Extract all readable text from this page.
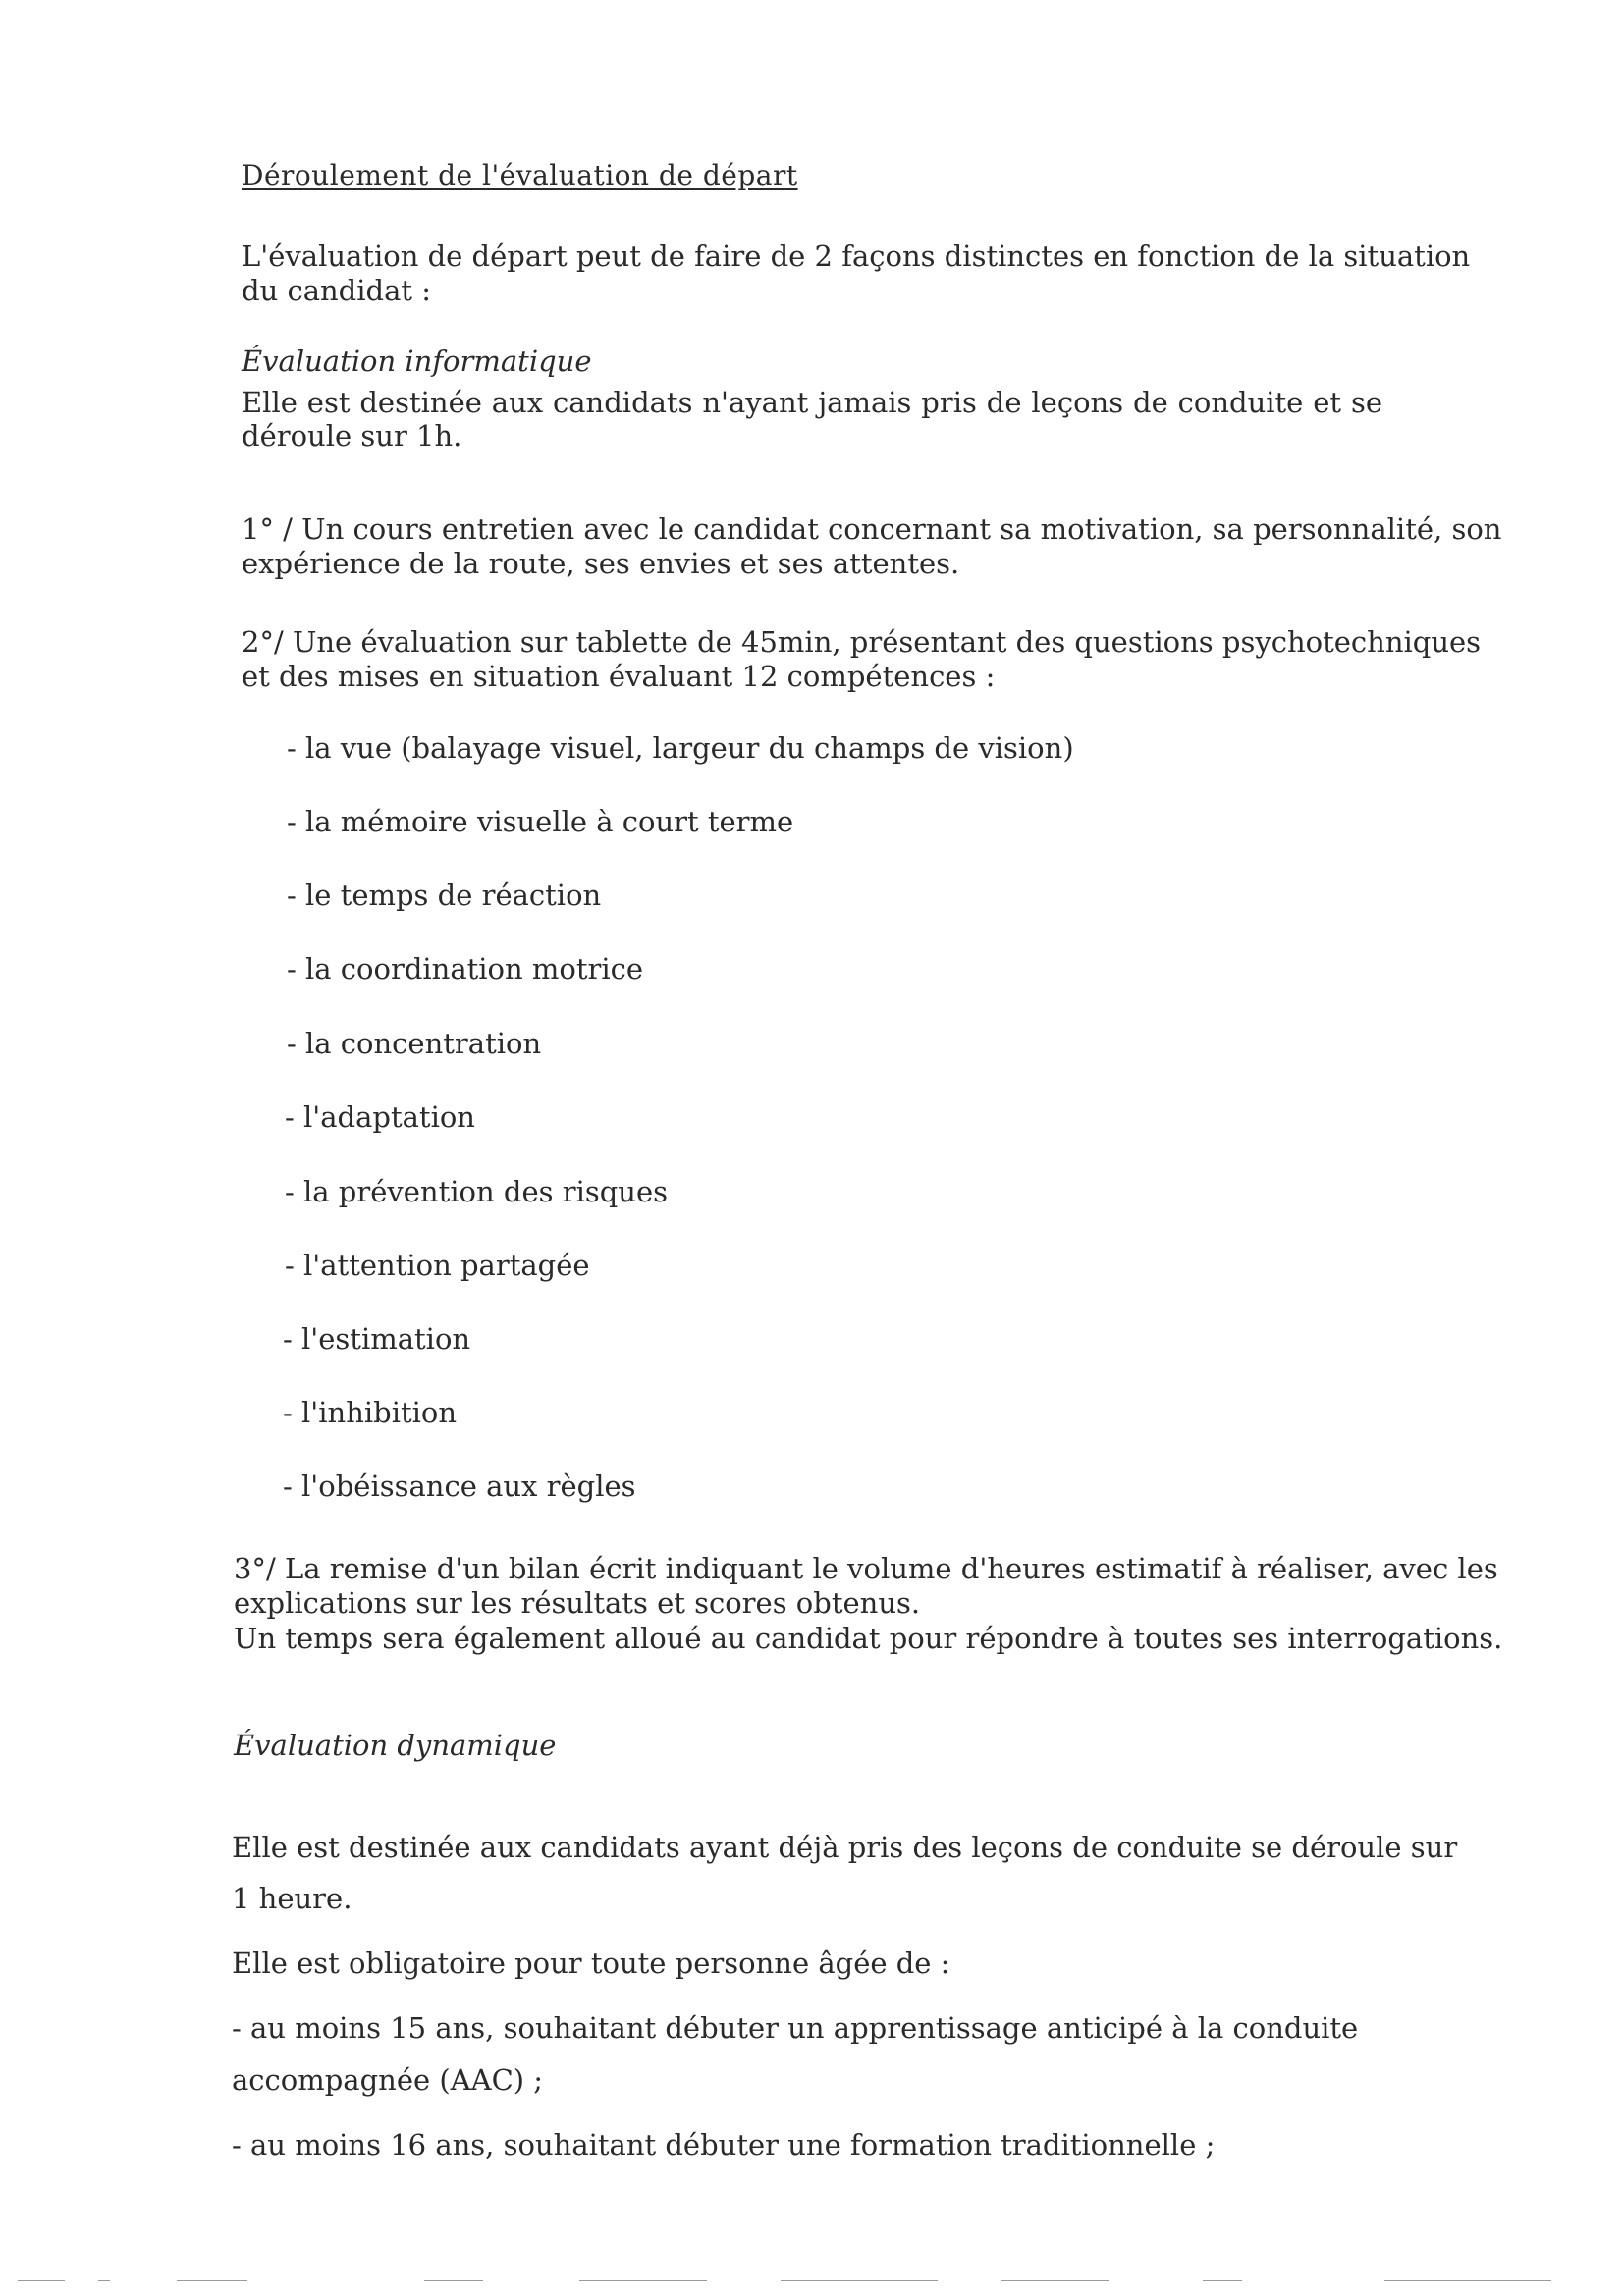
Déroulement de l'évaluation de départ

L'évaluation de départ peut de faire de 2 façons distinctes en fonction de la situation

du candidat :

Évaluation informatique

Elle est destinée aux candidats n'ayant jamais pris de leçons de conduite et se

déroule sur 1h.

1° / Un cours entretien avec le candidat concernant sa motivation, sa personnalité, son

expérience de la route, ses envies et ses attentes.

2°/ Une évaluation sur tablette de 45min, présentant des questions psychotechniques

et des mises en situation évaluant 12 compétences :

- la vue (balayage visuel, largeur du champs de vision)

- la mémoire visuelle à court terme

- le temps de réaction

- la coordination motrice

- la concentration

- l'adaptation

- la prévention des risques

- l'attention partagée

- l'estimation

- l'inhibition

- l'obéissance aux règles

3°/ La remise d'un bilan écrit indiquant le volume d'heures estimatif à réaliser, avec les

explications sur les résultats et scores obtenus.

Un temps sera également alloué au candidat pour répondre à toutes ses interrogations.

Évaluation dynamique

Elle est destinée aux candidats ayant déjà pris des leçons de conduite se déroule sur

1 heure.

Elle est obligatoire pour toute personne âgée de :

- au moins 15 ans, souhaitant débuter un apprentissage anticipé à la conduite

accompagnée (AAC) ;

- au moins 16 ans, souhaitant débuter une formation traditionnelle ;
